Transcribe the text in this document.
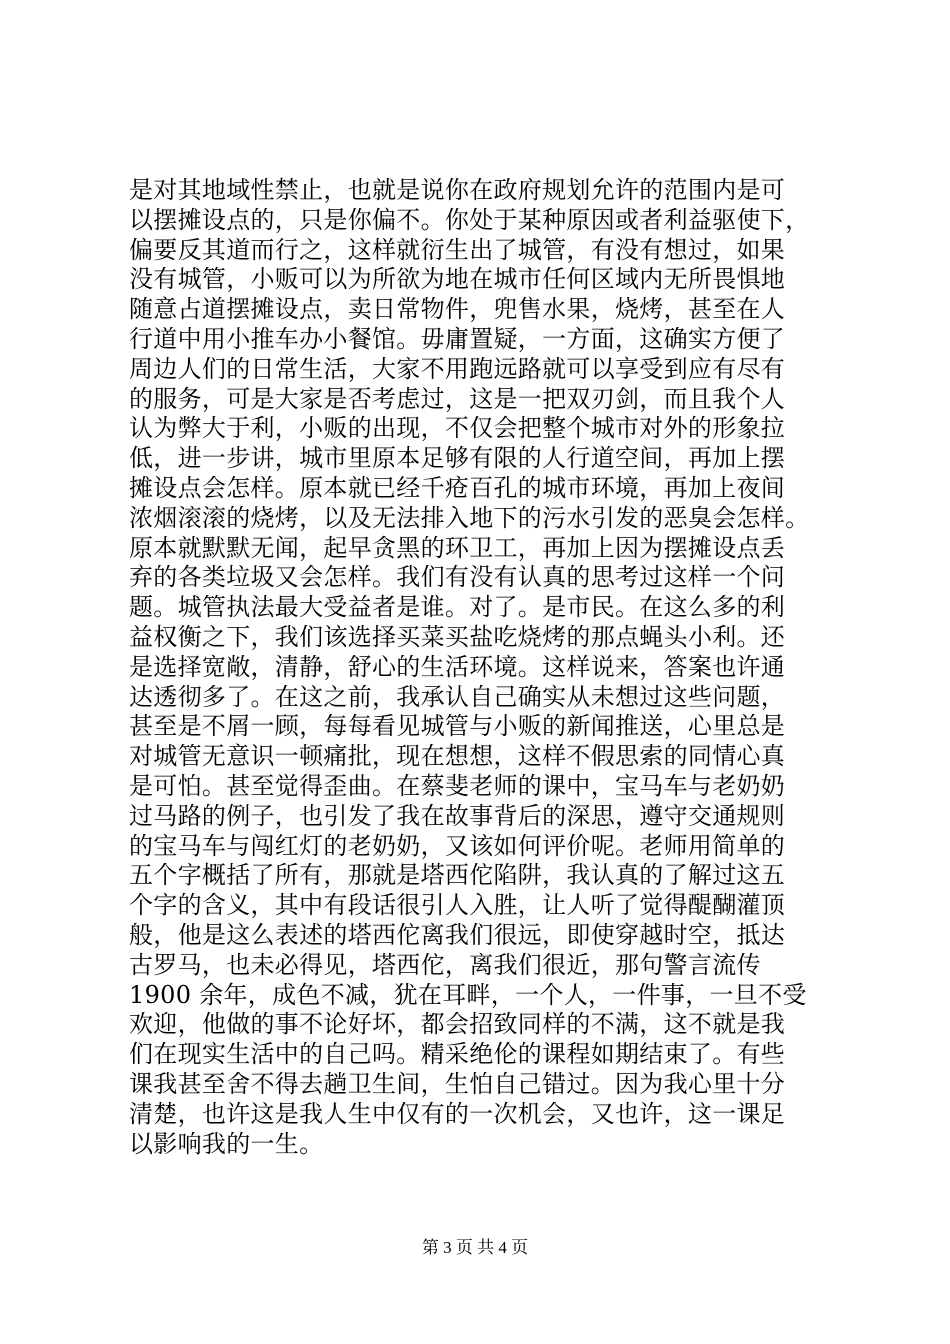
是对其地域性禁止，也就是说你在政府规划允许的范围内是可
以摆摊设点的，只是你偏不。你处于某种原因或者利益驱使下，
偏要反其道而行之，这样就衍生出了城管，有没有想过，如果
没有城管，小贩可以为所欲为地在城市任何区域内无所畏惧地
随意占道摆摊设点，卖日常物件，兜售水果，烧烤，甚至在人
行道中用小推车办小餐馆。毋庸置疑，一方面，这确实方便了
周边人们的日常生活，大家不用跑远路就可以享受到应有尽有
的服务，可是大家是否考虑过，这是一把双刃剑，而且我个人
认为弊大于利，小贩的出现，不仅会把整个城市对外的形象拉
低，进一步讲，城市里原本足够有限的人行道空间，再加上摆
摊设点会怎样。原本就已经千疮百孔的城市环境，再加上夜间
浓烟滚滚的烧烤，以及无法排入地下的污水引发的恶臭会怎样。
原本就默默无闻，起早贪黑的环卫工，再加上因为摆摊设点丢
弃的各类垃圾又会怎样。我们有没有认真的思考过这样一个问
题。城管执法最大受益者是谁。对了。是市民。在这么多的利
益权衡之下，我们该选择买菜买盐吃烧烤的那点蝇头小利。还
是选择宽敞，清静，舒心的生活环境。这样说来，答案也许通
达透彻多了。在这之前，我承认自己确实从未想过这些问题，
甚至是不屑一顾，每每看见城管与小贩的新闻推送，心里总是
对城管无意识一顿痛批，现在想想，这样不假思索的同情心真
是可怕。甚至觉得歪曲。在蔡斐老师的课中，宝马车与老奶奶
过马路的例子，也引发了我在故事背后的深思，遵守交通规则
的宝马车与闯红灯的老奶奶，又该如何评价呢。老师用简单的
五个字概括了所有，那就是塔西佗陷阱，我认真的了解过这五
个字的含义，其中有段话很引人入胜，让人听了觉得醍醐灌顶
般，他是这么表述的塔西佗离我们很远，即使穿越时空，抵达
古罗马，也未必得见，塔西佗，离我们很近，那句警言流传
1900 余年，成色不减，犹在耳畔，一个人，一件事，一旦不受
欢迎，他做的事不论好坏，都会招致同样的不满，这不就是我
们在现实生活中的自己吗。精采绝伦的课程如期结束了。有些
课我甚至舍不得去趟卫生间，生怕自己错过。因为我心里十分
清楚，也许这是我人生中仅有的一次机会，又也许，这一课足
以影响我的一生。
第 3 页 共 4 页
